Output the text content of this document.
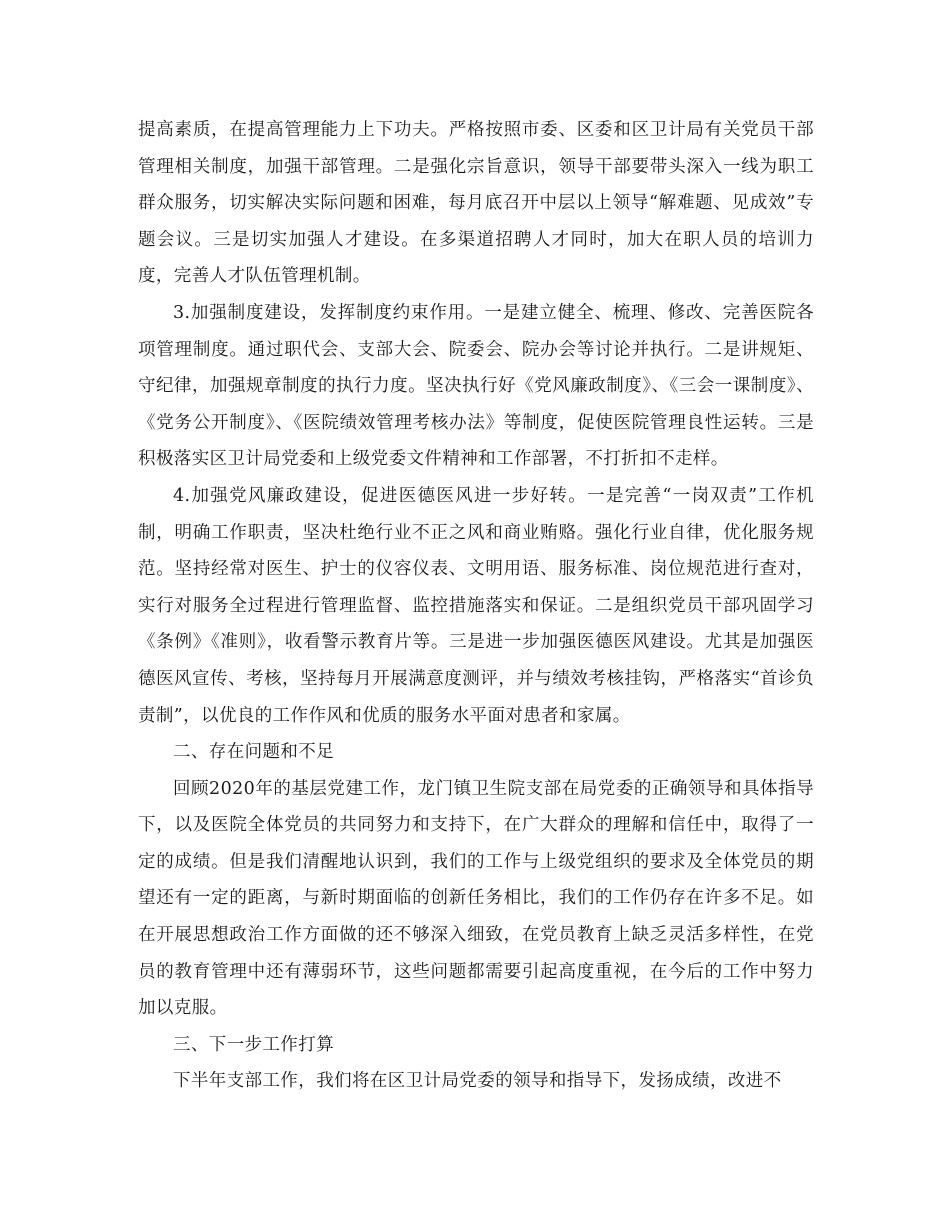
提高素质，在提高管理能力上下功夫。严格按照市委、区委和区卫计局有关党员干部管理相关制度，加强干部管理。二是强化宗旨意识，领导干部要带头深入一线为职工群众服务，切实解决实际问题和困难，每月底召开中层以上领导“解难题、见成效”专题会议。三是切实加强人才建设。在多渠道招聘人才同时，加大在职人员的培训力度，完善人才队伍管理机制。

3.加强制度建设，发挥制度约束作用。一是建立健全、梳理、修改、完善医院各项管理制度。通过职代会、支部大会、院委会、院办会等讨论并执行。二是讲规矩、守纪律，加强规章制度的执行力度。坚决执行好《党风廉政制度》、《三会一课制度》、《党务公开制度》、《医院绩效管理考核办法》等制度，促使医院管理良性运转。三是积极落实区卫计局党委和上级党委文件精神和工作部署，不打折扣不走样。

4.加强党风廉政建设，促进医德医风进一步好转。一是完善“一岗双责”工作机制，明确工作职责，坚决杜绝行业不正之风和商业贿赂。强化行业自律，优化服务规范。坚持经常对医生、护士的仪容仪表、文明用语、服务标准、岗位规范进行查对，实行对服务全过程进行管理监督、监控措施落实和保证。二是组织党员干部巩固学习《条例》《准则》，收看警示教育片等。三是进一步加强医德医风建设。尤其是加强医德医风宣传、考核，坚持每月开展满意度测评，并与绩效考核挂钩，严格落实“首诊负责制”，以优良的工作作风和优质的服务水平面对患者和家属。

二、存在问题和不足

回顾2020年的基层党建工作，龙门镇卫生院支部在局党委的正确领导和具体指导下，以及医院全体党员的共同努力和支持下，在广大群众的理解和信任中，取得了一定的成绩。但是我们清醒地认识到，我们的工作与上级党组织的要求及全体党员的期望还有一定的距离，与新时期面临的创新任务相比，我们的工作仍存在许多不足。如在开展思想政治工作方面做的还不够深入细致，在党员教育上缺乏灵活多样性，在党员的教育管理中还有薄弱环节，这些问题都需要引起高度重视，在今后的工作中努力加以克服。

三、下一步工作打算

下半年支部工作，我们将在区卫计局党委的领导和指导下，发扬成绩，改进不
